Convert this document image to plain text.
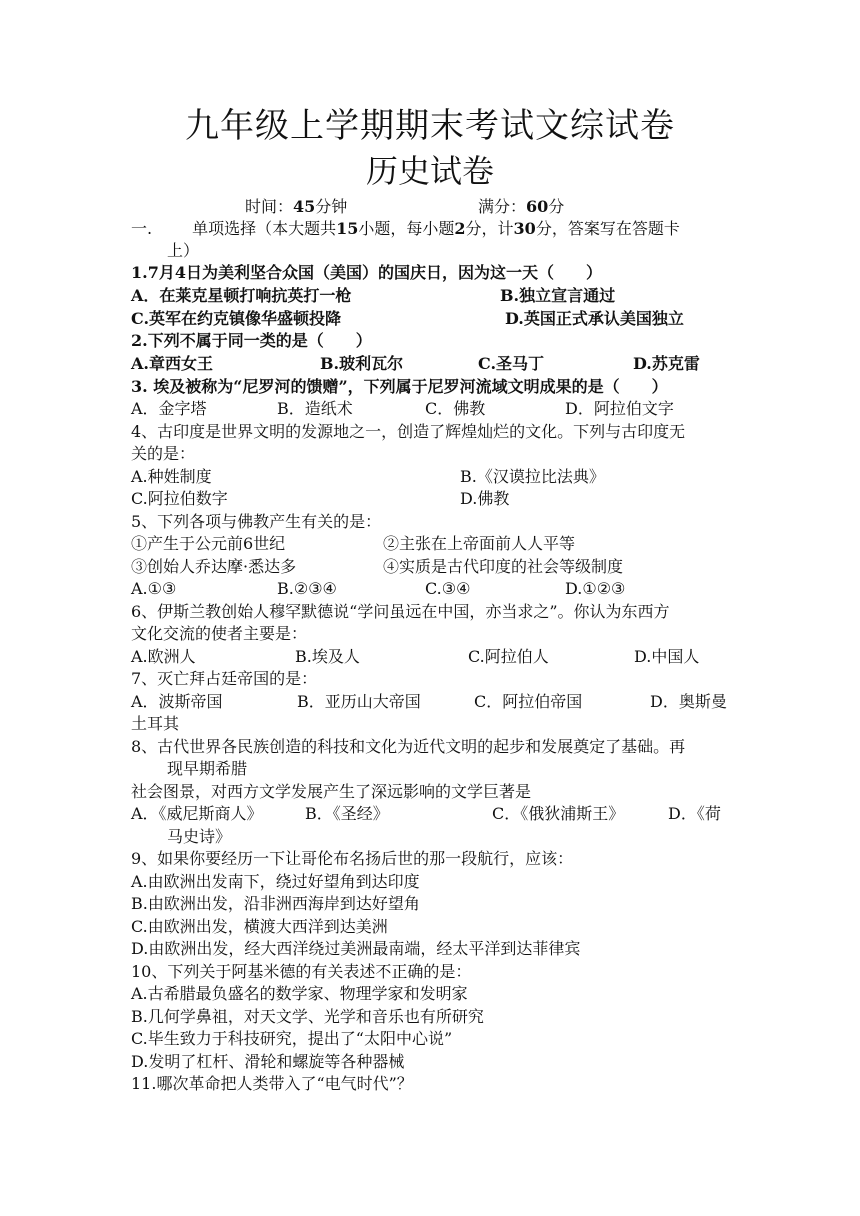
九年级上学期期末考试文综试卷
历史试卷
时间：45分钟	满分：60分
一.	单项选择（本大题共15小题，每小题2分，计30分，答案写在答题卡
上）
1.7月4日为美利坚合众国（美国）的国庆日，因为这一天（　　）
A．在莱克星顿打响抗英打一枪	B.独立宣言通过
C.英军在约克镇像华盛顿投降	D.英国正式承认美国独立
2.下列不属于同一类的是（　　）
A.章西女王	B.玻利瓦尔	C.圣马丁	D.苏克雷
3. 埃及被称为“尼罗河的馈赠”，下列属于尼罗河流域文明成果的是（　　）
A．金字塔	B．造纸术	C．佛教	D．阿拉伯文字
4、古印度是世界文明的发源地之一，创造了辉煌灿烂的文化。下列与古印度无
关的是：
A.种姓制度	B.《汉谟拉比法典》
C.阿拉伯数字	D.佛教
5、下列各项与佛教产生有关的是：
①产生于公元前6世纪	②主张在上帝面前人人平等
③创始人乔达摩·悉达多	④实质是古代印度的社会等级制度
A.①③	B.②③④	C.③④	D.①②③
6、伊斯兰教创始人穆罕默德说“学问虽远在中国，亦当求之”。你认为东西方
文化交流的使者主要是：
A.欧洲人	B.埃及人	C.阿拉伯人	D.中国人
7、灭亡拜占廷帝国的是：
A．波斯帝国	B．亚历山大帝国	C．阿拉伯帝国	D．奥斯曼
土耳其
8、古代世界各民族创造的科技和文化为近代文明的起步和发展奠定了基础。再
现早期希腊
社会图景，对西方文学发展产生了深远影响的文学巨著是
A．《威尼斯商人》	B．《圣经》	C．《俄狄浦斯王》	D．《荷
马史诗》
9、如果你要经历一下让哥伦布名扬后世的那一段航行，应该：
A.由欧洲出发南下，绕过好望角到达印度
B.由欧洲出发，沿非洲西海岸到达好望角
C.由欧洲出发，横渡大西洋到达美洲
D.由欧洲出发，经大西洋绕过美洲最南端，经太平洋到达菲律宾
10、下列关于阿基米德的有关表述不正确的是：
A.古希腊最负盛名的数学家、物理学家和发明家
B.几何学鼻祖，对天文学、光学和音乐也有所研究
C.毕生致力于科技研究，提出了“太阳中心说”
D.发明了杠杆、滑轮和螺旋等各种器械
11.哪次革命把人类带入了“电气时代”？
